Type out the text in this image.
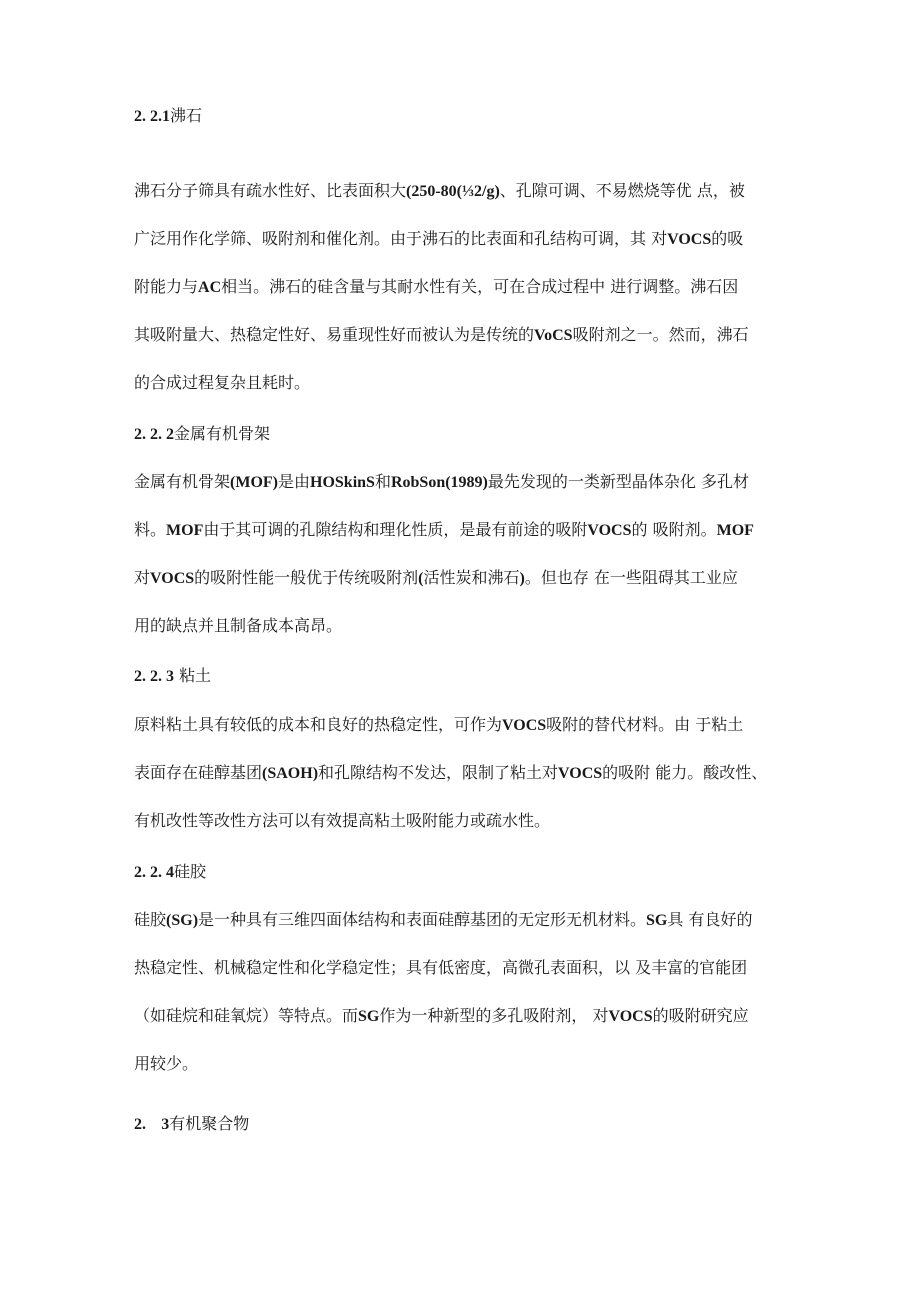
2. 2.1沸石
沸石分子筛具有疏水性好、比表面积大(250-80(⅓2/g)、孔隙可调、不易燃烧等优 点，被
广泛用作化学筛、吸附剂和催化剂。由于沸石的比表面和孔结构可调，其 对VOCS的吸
附能力与AC相当。沸石的硅含量与其耐水性有关，可在合成过程中 进行调整。沸石因
其吸附量大、热稳定性好、易重现性好而被认为是传统的VoCS吸附剂之一。然而，沸石
的合成过程复杂且耗时。
2. 2. 2金属有机骨架
金属有机骨架(MOF)是由HOSkinS和RobSon(1989)最先发现的一类新型晶体杂化 多孔材
料。MOF由于其可调的孔隙结构和理化性质，是最有前途的吸附VOCS的 吸附剂。MOF
对VOCS的吸附性能一般优于传统吸附剂(活性炭和沸石)。但也存 在一些阻碍其工业应
用的缺点并且制备成本高昂。
2. 2. 3 粘土
原料粘土具有较低的成本和良好的热稳定性，可作为VOCS吸附的替代材料。由 于粘土
表面存在硅醇基团(SAOH)和孔隙结构不发达，限制了粘土对VOCS的吸附 能力。酸改性、
有机改性等改性方法可以有效提高粘土吸附能力或疏水性。
2. 2. 4硅胶
硅胶(SG)是一种具有三维四面体结构和表面硅醇基团的无定形无机材料。SG具 有良好的
热稳定性、机械稳定性和化学稳定性；具有低密度，高微孔表面积，以 及丰富的官能团
（如硅烷和硅氧烷）等特点。而SG作为一种新型的多孔吸附剂， 对VOCS的吸附研究应
用较少。
2. 3有机聚合物
